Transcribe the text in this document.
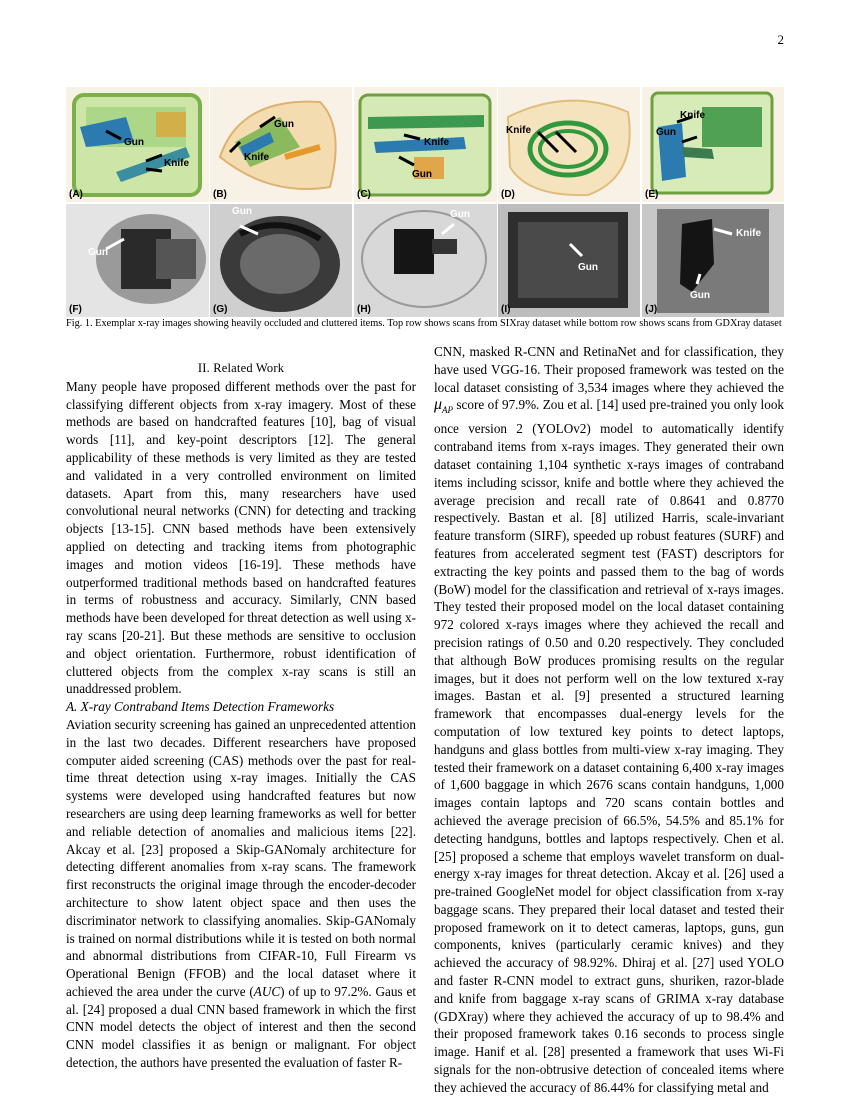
2
Gun
Knife
(A)
Gun
Knife
(B)
Knife
Gun
(C)
Knife
(D)
Knife
Gun
(E)
Gun
(F)
Gun
(G)
Gun
(H)
Gun
(I)
Knife
Gun
(J)
Fig. 1. Exemplar x-ray images showing heavily occluded and cluttered items. Top row shows scans from SIXray dataset while bottom row shows scans from GDXray dataset

II. Related Work

Many people have proposed different methods over the past for classifying different objects from x-ray imagery. Most of these methods are based on handcrafted features [10], bag of visual words [11], and key-point descriptors [12]. The general applicability of these methods is very limited as they are tested and validated in a very controlled environment on limited datasets. Apart from this, many researchers have used convolutional neural networks (CNN) for detecting and tracking objects [13-15]. CNN based methods have been extensively applied on detecting and tracking items from photographic images and motion videos [16-19]. These methods have outperformed traditional methods based on handcrafted features in terms of robustness and accuracy. Similarly, CNN based methods have been developed for threat detection as well using x-ray scans [20-21]. But these methods are sensitive to occlusion and object orientation. Furthermore, robust identification of cluttered objects from the complex x-ray scans is still an unaddressed problem.

A. X-ray Contraband Items Detection Frameworks

Aviation security screening has gained an unprecedented attention in the last two decades. Different researchers have proposed computer aided screening (CAS) methods over the past for real-time threat detection using x-ray images. Initially the CAS systems were developed using handcrafted features but now researchers are using deep learning frameworks as well for better and reliable detection of anomalies and malicious items [22]. Akcay et al. [23] proposed a Skip-GANomaly architecture for detecting different anomalies from x-ray scans. The framework first reconstructs the original image through the encoder-decoder architecture to show latent object space and then uses the discriminator network to classifying anomalies. Skip-GANomaly is trained on normal distributions while it is tested on both normal and abnormal distributions from CIFAR-10, Full Firearm vs Operational Benign (FFOB) and the local dataset where it achieved the area under the curve (AUC) of up to 97.2%. Gaus et al. [24] proposed a dual CNN based framework in which the first CNN model detects the object of interest and then the second CNN model classifies it as benign or malignant. For object detection, the authors have presented the evaluation of faster R-

CNN, masked R-CNN and RetinaNet and for classification, they have used VGG-16. Their proposed framework was tested on the local dataset consisting of 3,534 images where they achieved the $\mu_{AP}$ score of 97.9%. Zou et al. [14] used pre-trained you only look once version 2 (YOLOv2) model to automatically identify contraband items from x-rays images. They generated their own dataset containing 1,104 synthetic x-rays images of contraband items including scissor, knife and bottle where they achieved the average precision and recall rate of 0.8641 and 0.8770 respectively. Bastan et al. [8] utilized Harris, scale-invariant feature transform (SIRF), speeded up robust features (SURF) and features from accelerated segment test (FAST) descriptors for extracting the key points and passed them to the bag of words (BoW) model for the classification and retrieval of x-rays images. They tested their proposed model on the local dataset containing 972 colored x-rays images where they achieved the recall and precision ratings of 0.50 and 0.20 respectively. They concluded that although BoW produces promising results on the regular images, but it does not perform well on the low textured x-ray images. Bastan et al. [9] presented a structured learning framework that encompasses dual-energy levels for the computation of low textured key points to detect laptops, handguns and glass bottles from multi-view x-ray imaging. They tested their framework on a dataset containing 6,400 x-ray images of 1,600 baggage in which 2676 scans contain handguns, 1,000 images contain laptops and 720 scans contain bottles and achieved the average precision of 66.5%, 54.5% and 85.1% for detecting handguns, bottles and laptops respectively. Chen et al. [25] proposed a scheme that employs wavelet transform on dual-energy x-ray images for threat detection. Akcay et al. [26] used a pre-trained GoogleNet model for object classification from x-ray baggage scans. They prepared their local dataset and tested their proposed framework on it to detect cameras, laptops, guns, gun components, knives (particularly ceramic knives) and they achieved the accuracy of 98.92%. Dhiraj et al. [27] used YOLO and faster R-CNN model to extract guns, shuriken, razor-blade and knife from baggage x-ray scans of GRIMA x-ray database (GDXray) where they achieved the accuracy of up to 98.4% and their proposed framework takes 0.16 seconds to process single image. Hanif et al. [28] presented a framework that uses Wi-Fi signals for the non-obtrusive detection of concealed items where they achieved the accuracy of 86.44% for classifying metal and
